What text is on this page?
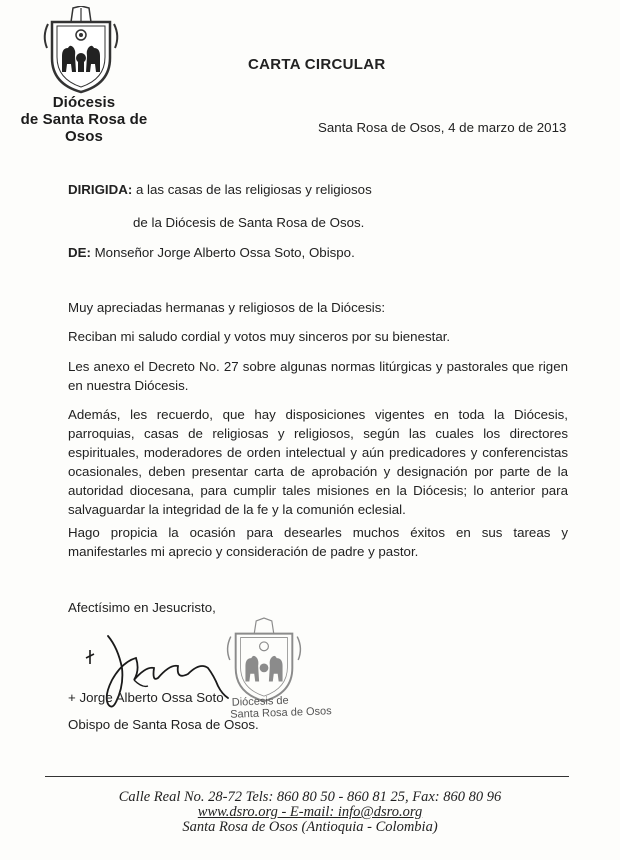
Diócesis
de Santa Rosa de Osos
CARTA CIRCULAR
Santa Rosa de Osos, 4 de marzo de 2013
DIRIGIDA: a las casas de las religiosas y religiosos
de la Diócesis de Santa Rosa de Osos.
DE: Monseñor Jorge Alberto Ossa Soto, Obispo.
Muy apreciadas hermanas y religiosos de la Diócesis:
Reciban mi saludo cordial y votos muy sinceros por su bienestar.
Les anexo el Decreto No. 27 sobre algunas normas litúrgicas y pastorales que rigen en nuestra Diócesis.
Además, les recuerdo, que hay disposiciones vigentes en toda la Diócesis, parroquias, casas de religiosas y religiosos, según las cuales los directores espirituales, moderadores de orden intelectual y aún predicadores y conferencistas ocasionales, deben presentar carta de aprobación y designación por parte de la autoridad diocesana, para cumplir tales misiones en la Diócesis; lo anterior para salvaguardar la integridad de la fe y la comunión eclesial.
Hago propicia la ocasión para desearles muchos éxitos en sus tareas y manifestarles mi aprecio y consideración de padre y pastor.
Afectísimo en Jesucristo,
Diócesis de
Santa Rosa de Osos
+ Jorge Alberto Ossa Soto
Obispo de Santa Rosa de Osos.
Calle Real No. 28-72 Tels: 860 80 50 - 860 81 25, Fax: 860 80 96
www.dsro.org - E-mail: info@dsro.org
Santa Rosa de Osos (Antioquia - Colombia)
